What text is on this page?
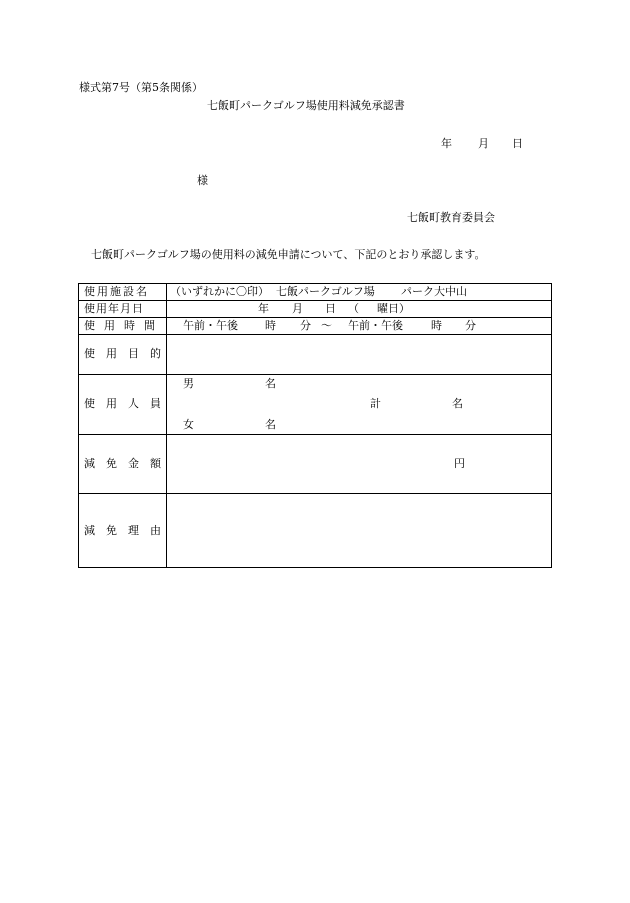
様式第7号（第5条関係）
七飯町パークゴルフ場使用料減免承認書
年 月 日
様
七飯町教育委員会
七飯町パークゴルフ場の使用料の減免申請について、下記のとおり承認します。
使用施設名 （いずれかに〇印） 七飯パークゴルフ場 パーク大中山
使用年月日	年 月 日 （ 曜日）
使用時間 午前・午後 時 分 ～ 午前・午後	時 分
使用目的
使用人員
男	名
計	名
女	名
減免金額	円
減免理由
